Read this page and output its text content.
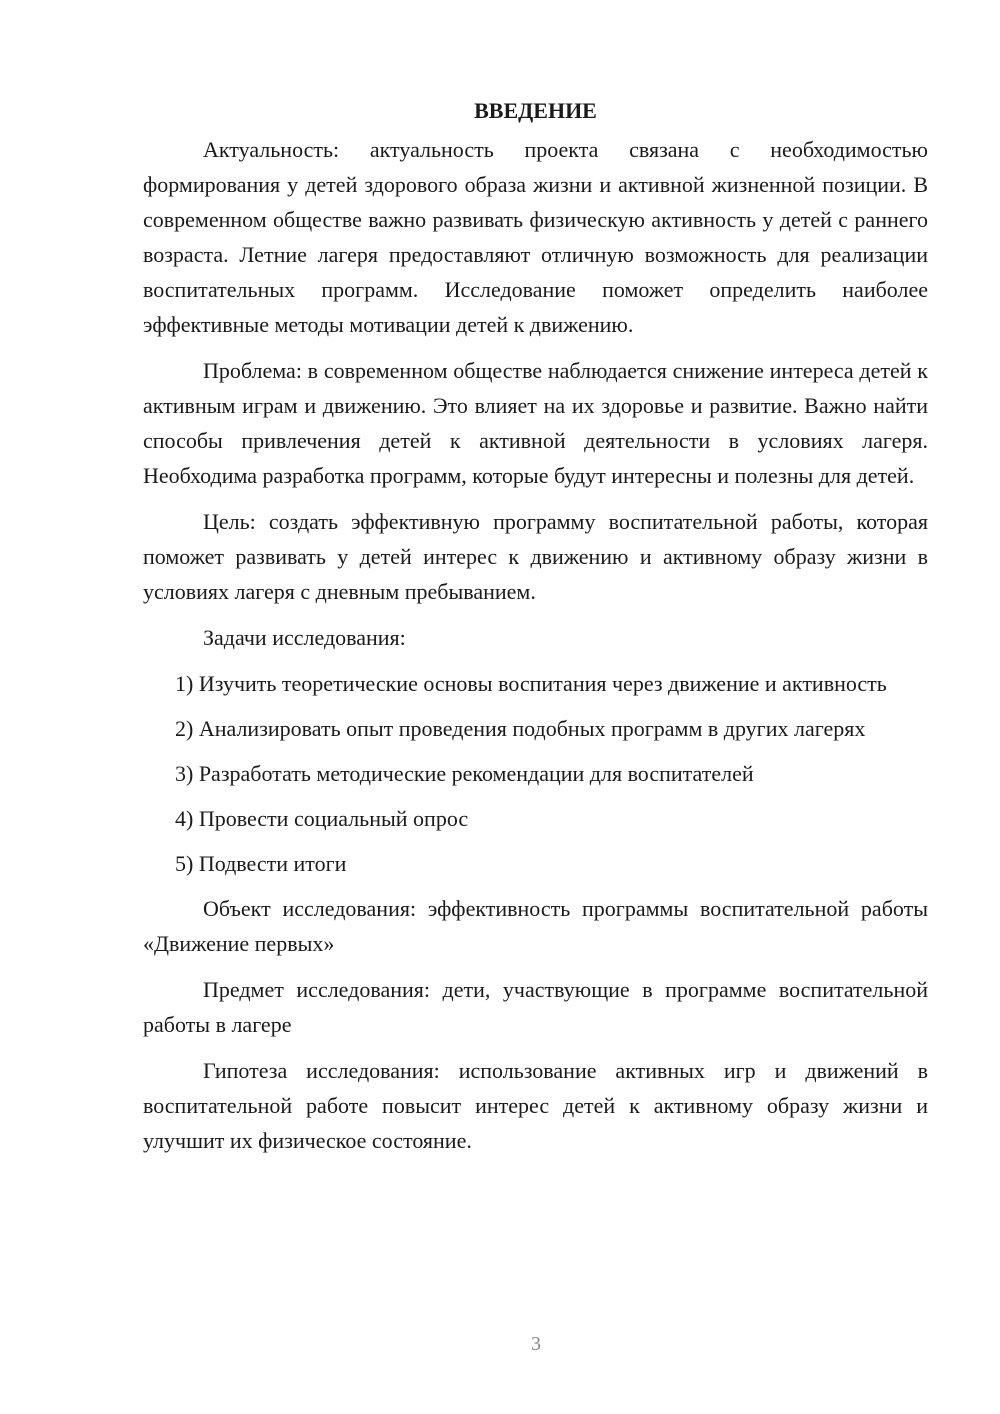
ВВЕДЕНИЕ

Актуальность: актуальность проекта связана с необходимостью формирования у детей здорового образа жизни и активной жизненной позиции. В современном обществе важно развивать физическую активность у детей с раннего возраста. Летние лагеря предоставляют отличную возможность для реализации воспитательных программ. Исследование поможет определить наиболее эффективные методы мотивации детей к движению.

Проблема: в современном обществе наблюдается снижение интереса детей к активным играм и движению. Это влияет на их здоровье и развитие. Важно найти способы привлечения детей к активной деятельности в условиях лагеря. Необходима разработка программ, которые будут интересны и полезны для детей.

Цель: создать эффективную программу воспитательной работы, которая поможет развивать у детей интерес к движению и активному образу жизни в условиях лагеря с дневным пребыванием.

Задачи исследования:

1) Изучить теоретические основы воспитания через движение и активность

2) Анализировать опыт проведения подобных программ в других лагерях

3) Разработать методические рекомендации для воспитателей

4) Провести социальный опрос

5) Подвести итоги

Объект исследования: эффективность программы воспитательной работы «Движение первых»

Предмет исследования: дети, участвующие в программе воспитательной работы в лагере

Гипотеза исследования: использование активных игр и движений в воспитательной работе повысит интерес детей к активному образу жизни и улучшит их физическое состояние.

3
